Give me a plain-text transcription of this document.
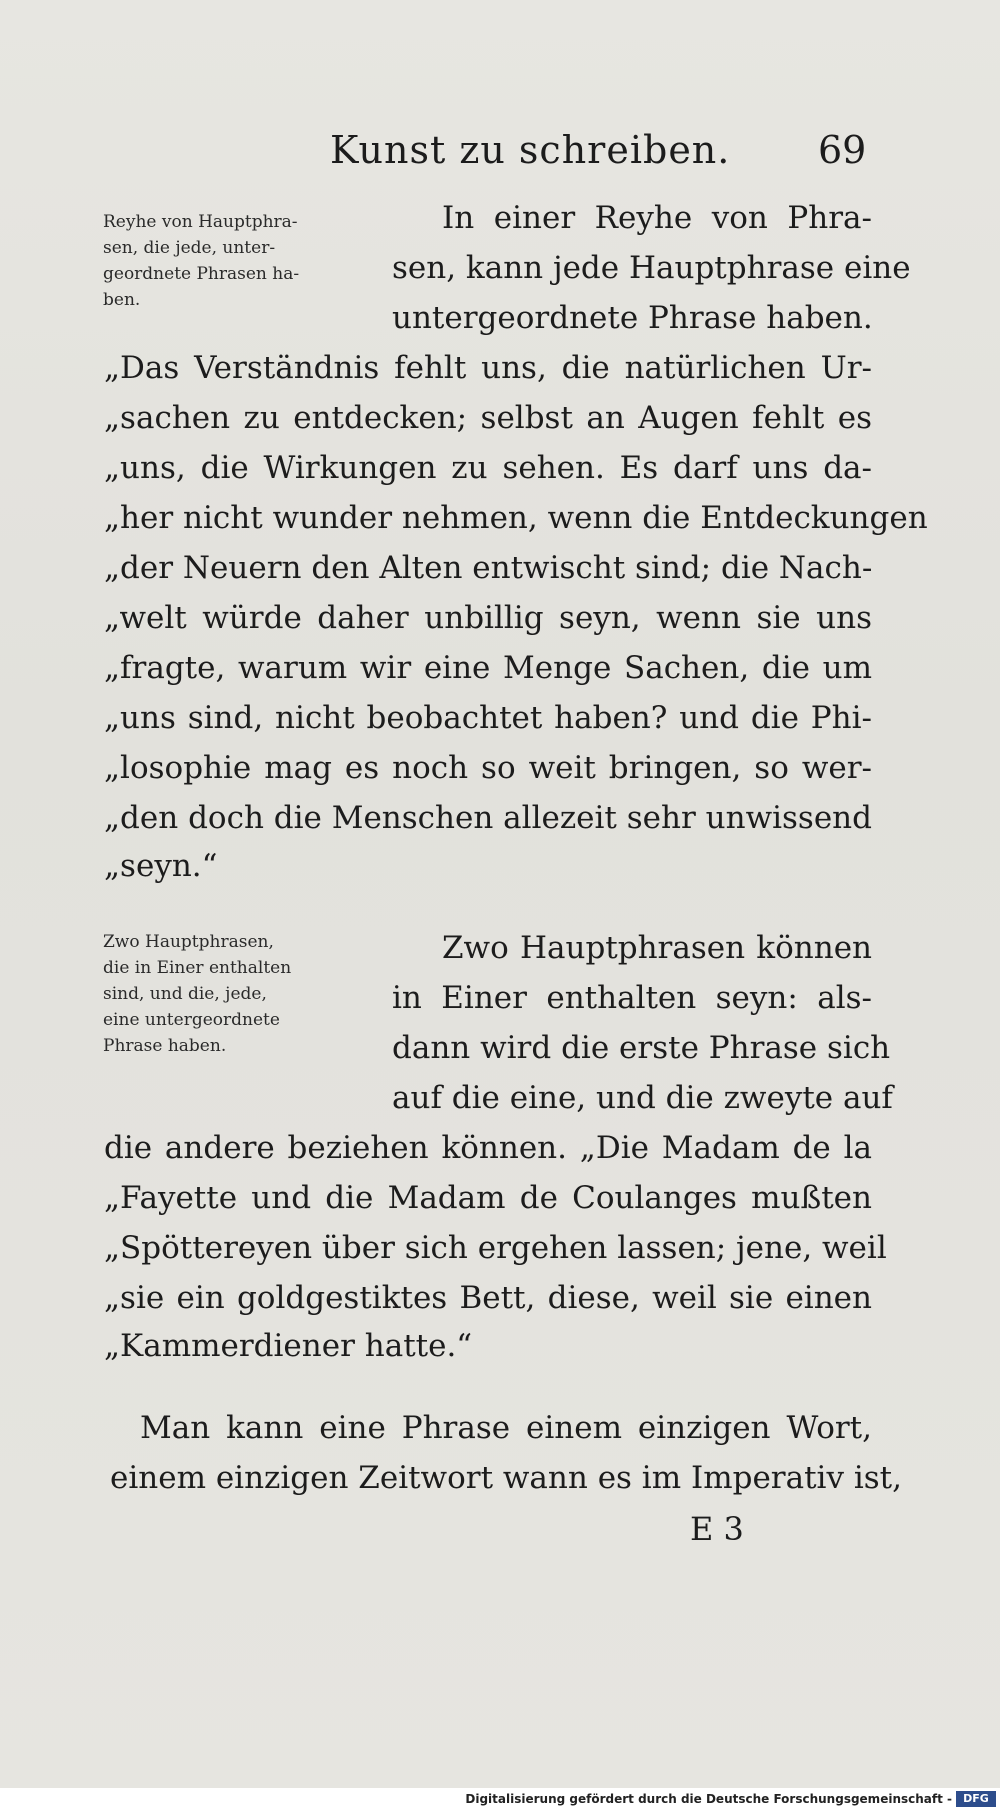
Kunst zu schreiben. 69
Reyhe von Hauptphra-
sen, die jede, unter-
geordnete Phrasen ha-
ben.
In einer Reyhe von Phra-
sen, kann jede Hauptphrase eine
untergeordnete Phrase haben.
„Das Verständnis fehlt uns, die natürlichen Ur-
„sachen zu entdecken; selbst an Augen fehlt es
„uns, die Wirkungen zu sehen. Es darf uns da-
„her nicht wunder nehmen, wenn die Entdeckungen
„der Neuern den Alten entwischt sind; die Nach-
„welt würde daher unbillig seyn, wenn sie uns
„fragte, warum wir eine Menge Sachen, die um
„uns sind, nicht beobachtet haben? und die Phi-
„losophie mag es noch so weit bringen, so wer-
„den doch die Menschen allezeit sehr unwissend
„seyn.“
Zwo Hauptphrasen,
die in Einer enthalten
sind, und die, jede,
eine untergeordnete
Phrase haben.
Zwo Hauptphrasen können
in Einer enthalten seyn: als-
dann wird die erste Phrase sich
auf die eine, und die zweyte auf
die andere beziehen können. „Die Madam de la
„Fayette und die Madam de Coulanges mußten
„Spöttereyen über sich ergehen lassen; jene, weil
„sie ein goldgestiktes Bett, diese, weil sie einen
„Kammerdiener hatte.“
Man kann eine Phrase einem einzigen Wort,
einem einzigen Zeitwort wann es im Imperativ ist,
E 3
Digitalisierung gefördert durch die Deutsche Forschungsgemeinschaft -	DFG
